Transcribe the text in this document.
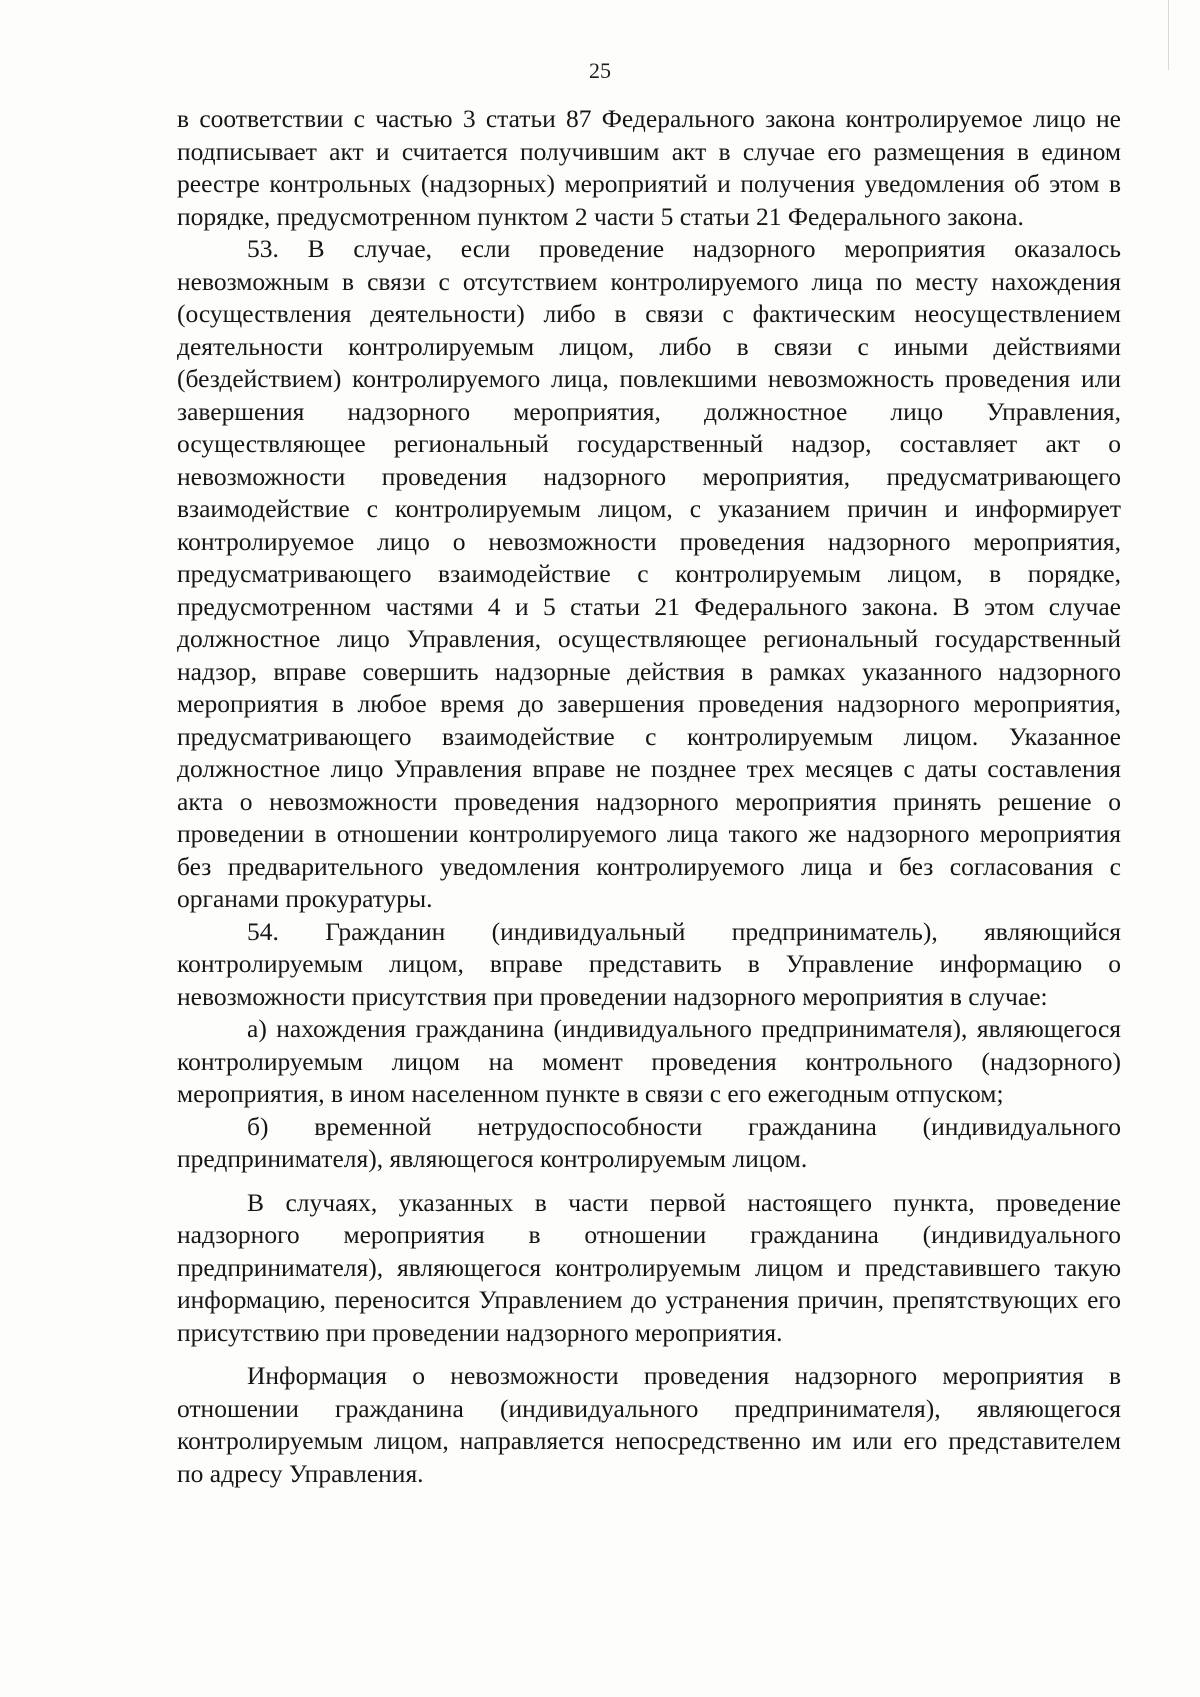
25

в соответствии с частью 3 статьи 87 Федерального закона контролируемое лицо не подписывает акт и считается получившим акт в случае его размещения в едином реестре контрольных (надзорных) мероприятий и получения уведомления об этом в порядке, предусмотренном пунктом 2 части 5 статьи 21 Федерального закона.

53. В случае, если проведение надзорного мероприятия оказалось невозможным в связи с отсутствием контролируемого лица по месту нахождения (осуществления деятельности) либо в связи с фактическим неосуществлением деятельности контролируемым лицом, либо в связи с иными действиями (бездействием) контролируемого лица, повлекшими невозможность проведения или завершения надзорного мероприятия, должностное лицо Управления, осуществляющее региональный государственный надзор, составляет акт о невозможности проведения надзорного мероприятия, предусматривающего взаимодействие с контролируемым лицом, с указанием причин и информирует контролируемое лицо о невозможности проведения надзорного мероприятия, предусматривающего взаимодействие с контролируемым лицом, в порядке, предусмотренном частями 4 и 5 статьи 21 Федерального закона. В этом случае должностное лицо Управления, осуществляющее региональный государственный надзор, вправе совершить надзорные действия в рамках указанного надзорного мероприятия в любое время до завершения проведения надзорного мероприятия, предусматривающего взаимодействие с контролируемым лицом. Указанное должностное лицо Управления вправе не позднее трех месяцев с даты составления акта о невозможности проведения надзорного мероприятия принять решение о проведении в отношении контролируемого лица такого же надзорного мероприятия без предварительного уведомления контролируемого лица и без согласования с органами прокуратуры.

54. Гражданин (индивидуальный предприниматель), являющийся контролируемым лицом, вправе представить в Управление информацию о невозможности присутствия при проведении надзорного мероприятия в случае:

а) нахождения гражданина (индивидуального предпринимателя), являющегося контролируемым лицом на момент проведения контрольного (надзорного) мероприятия, в ином населенном пункте в связи с его ежегодным отпуском;

б) временной нетрудоспособности гражданина (индивидуального предпринимателя), являющегося контролируемым лицом.

В случаях, указанных в части первой настоящего пункта, проведение надзорного мероприятия в отношении гражданина (индивидуального предпринимателя), являющегося контролируемым лицом и представившего такую информацию, переносится Управлением до устранения причин, препятствующих его присутствию при проведении надзорного мероприятия.

Информация о невозможности проведения надзорного мероприятия в отношении гражданина (индивидуального предпринимателя), являющегося контролируемым лицом, направляется непосредственно им или его представителем по адресу Управления.
